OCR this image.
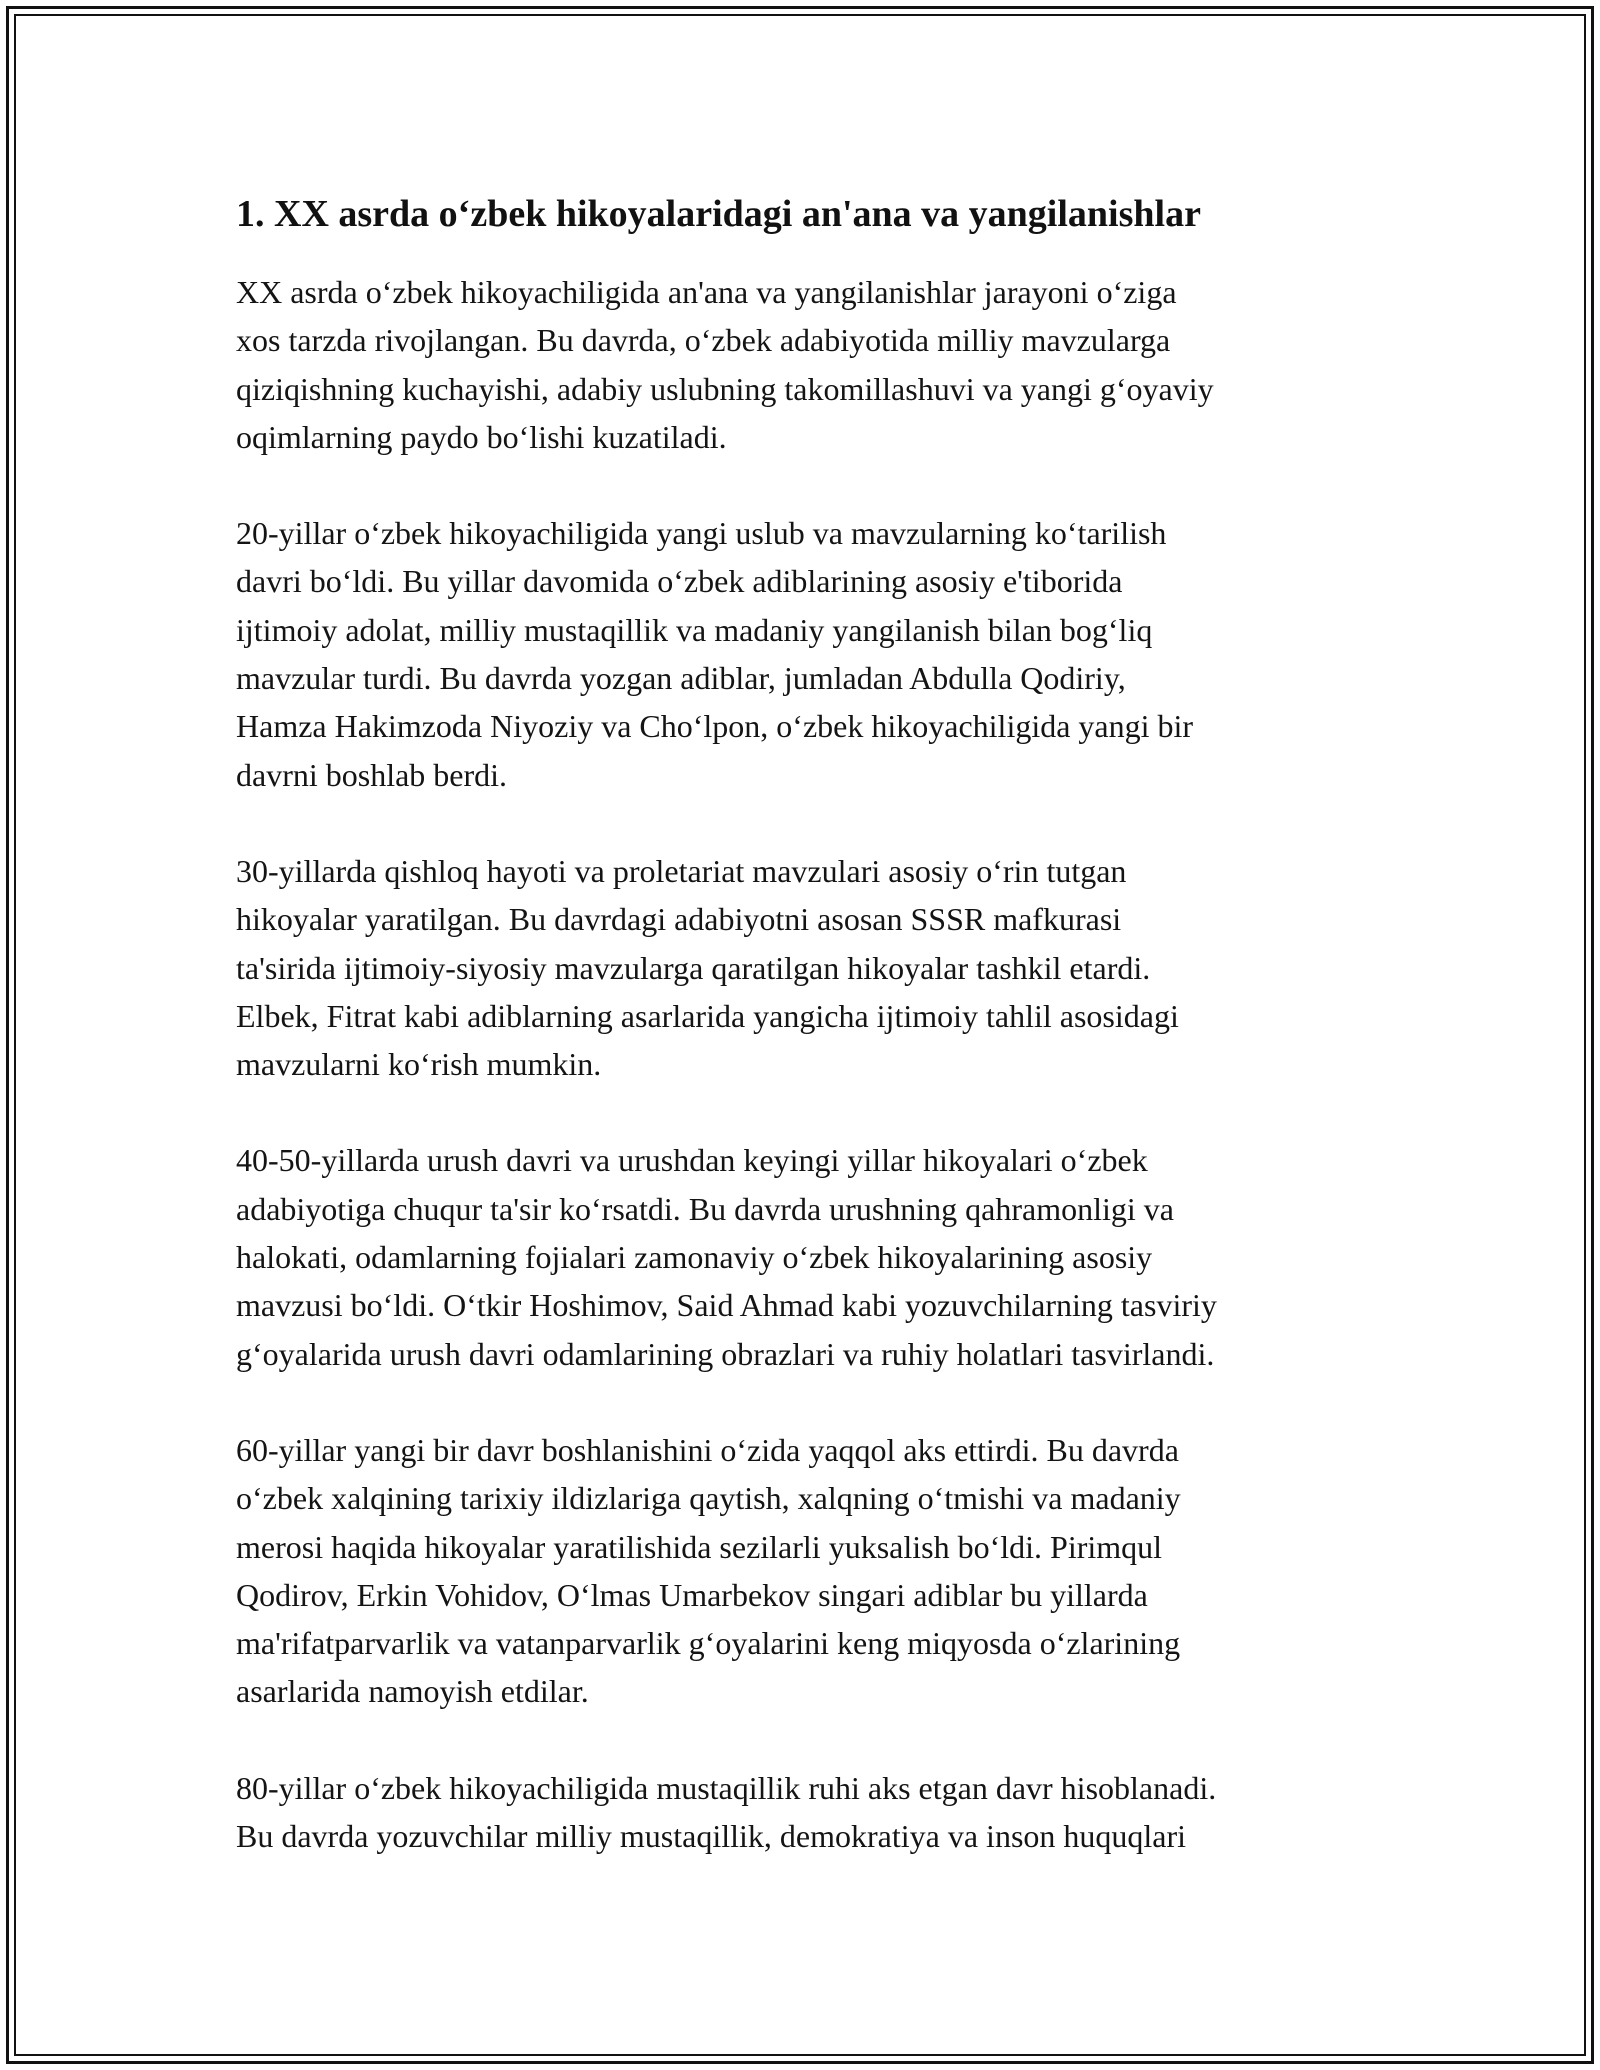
1. XX asrda o‘zbek hikoyalaridagi an'ana va yangilanishlar

XX asrda o‘zbek hikoyachiligida an'ana va yangilanishlar jarayoni o‘ziga
xos tarzda rivojlangan. Bu davrda, o‘zbek adabiyotida milliy mavzularga
qiziqishning kuchayishi, adabiy uslubning takomillashuvi va yangi g‘oyaviy
oqimlarning paydo bo‘lishi kuzatiladi.

20-yillar o‘zbek hikoyachiligida yangi uslub va mavzularning ko‘tarilish
davri bo‘ldi. Bu yillar davomida o‘zbek adiblarining asosiy e'tiborida
ijtimoiy adolat, milliy mustaqillik va madaniy yangilanish bilan bog‘liq
mavzular turdi. Bu davrda yozgan adiblar, jumladan Abdulla Qodiriy,
Hamza Hakimzoda Niyoziy va Cho‘lpon, o‘zbek hikoyachiligida yangi bir
davrni boshlab berdi.

30-yillarda qishloq hayoti va proletariat mavzulari asosiy o‘rin tutgan
hikoyalar yaratilgan. Bu davrdagi adabiyotni asosan SSSR mafkurasi
ta'sirida ijtimoiy-siyosiy mavzularga qaratilgan hikoyalar tashkil etardi.
Elbek, Fitrat kabi adiblarning asarlarida yangicha ijtimoiy tahlil asosidagi
mavzularni ko‘rish mumkin.

40-50-yillarda urush davri va urushdan keyingi yillar hikoyalari o‘zbek
adabiyotiga chuqur ta'sir ko‘rsatdi. Bu davrda urushning qahramonligi va
halokati, odamlarning fojialari zamonaviy o‘zbek hikoyalarining asosiy
mavzusi bo‘ldi. O‘tkir Hoshimov, Said Ahmad kabi yozuvchilarning tasviriy
g‘oyalarida urush davri odamlarining obrazlari va ruhiy holatlari tasvirlandi.

60-yillar yangi bir davr boshlanishini o‘zida yaqqol aks ettirdi. Bu davrda
o‘zbek xalqining tarixiy ildizlariga qaytish, xalqning o‘tmishi va madaniy
merosi haqida hikoyalar yaratilishida sezilarli yuksalish bo‘ldi. Pirimqul
Qodirov, Erkin Vohidov, O‘lmas Umarbekov singari adiblar bu yillarda
ma'rifatparvarlik va vatanparvarlik g‘oyalarini keng miqyosda o‘zlarining
asarlarida namoyish etdilar.

80-yillar o‘zbek hikoyachiligida mustaqillik ruhi aks etgan davr hisoblanadi.
Bu davrda yozuvchilar milliy mustaqillik, demokratiya va inson huquqlari
